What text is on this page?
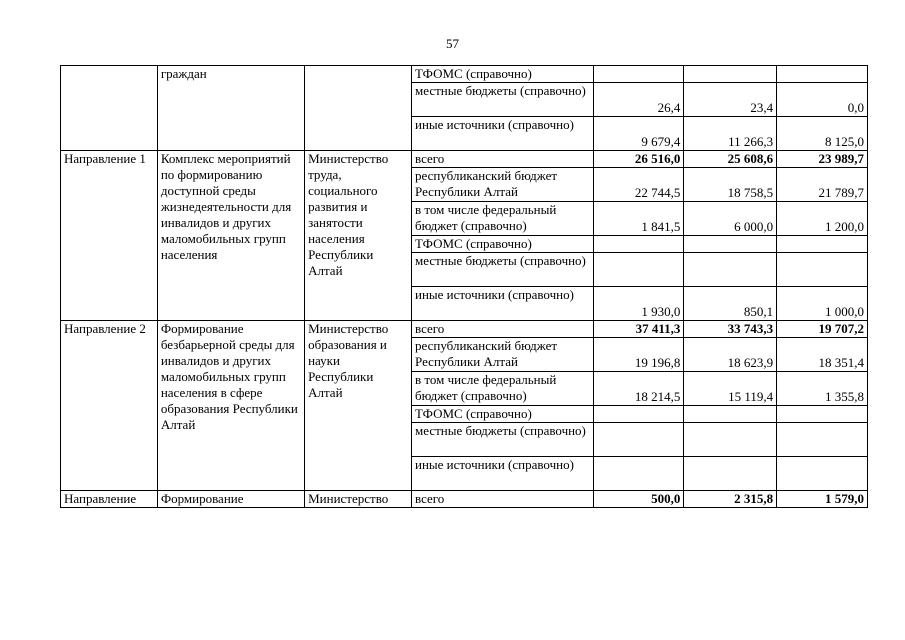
57
	граждан		ТФОМС (справочно)			
			местные бюджеты (справочно)	26,4	23,4	0,0
			иные источники (справочно)	9 679,4	11 266,3	8 125,0
Направление 1	Комплекс мероприятий по формированию доступной среды жизнедеятельности для инвалидов и других маломобильных групп населения	Министерство труда, социального развития и занятости населения Республики Алтай	всего	26 516,0	25 608,6	23 989,7
			республиканский бюджет Республики Алтай	22 744,5	18 758,5	21 789,7
			в том числе федеральный бюджет (справочно)	1 841,5	6 000,0	1 200,0
			ТФОМС (справочно)			
			местные бюджеты (справочно)			
			иные источники (справочно)	1 930,0	850,1	1 000,0
Направление 2	Формирование безбарьерной среды для инвалидов и других маломобильных групп населения в сфере образования Республики Алтай	Министерство образования и науки Республики Алтай	всего	37 411,3	33 743,3	19 707,2
			республиканский бюджет Республики Алтай	19 196,8	18 623,9	18 351,4
			в том числе федеральный бюджет (справочно)	18 214,5	15 119,4	1 355,8
			ТФОМС (справочно)			
			местные бюджеты (справочно)			
			иные источники (справочно)			
Направление	Формирование	Министерство	всего	500,0	2 315,8	1 579,0
